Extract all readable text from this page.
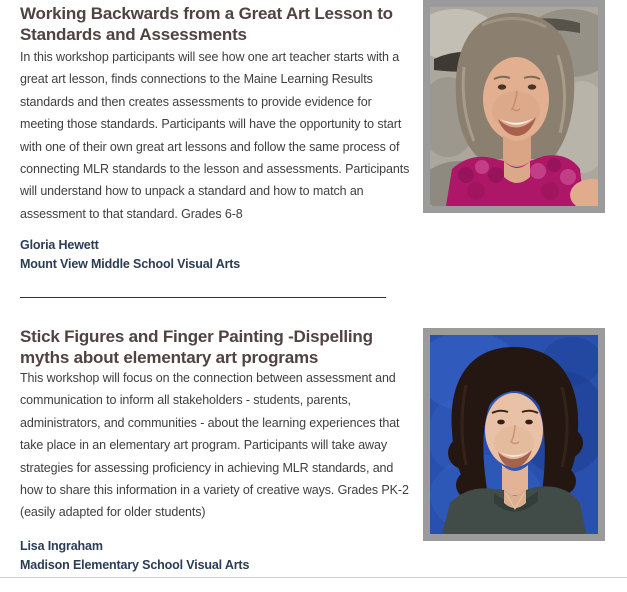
Working Backwards from a Great Art Lesson to Standards and Assessments
In this workshop participants will see how one art teacher starts with a
great art lesson, finds connections to the Maine Learning Results
standards and then creates assessments to provide evidence for
meeting those standards. Participants will have the opportunity to start
with one of their own great art lessons and follow the same process of
connecting MLR standards to the lesson and assessments. Participants
will understand how to unpack a standard and how to match an
assessment to that standard. Grades 6-8
Gloria Hewett
Mount View Middle School Visual Arts
Stick Figures and Finger Painting -Dispelling myths about elementary art programs
This workshop will focus on the connection between assessment and
communication to inform all stakeholders - students, parents,
administrators, and communities - about the learning experiences that
take place in an elementary art program. Participants will take away
strategies for assessing proficiency in achieving MLR standards, and
how to share this information in a variety of creative ways. Grades PK-2
(easily adapted for older students)
Lisa Ingraham
Madison Elementary School Visual Arts
